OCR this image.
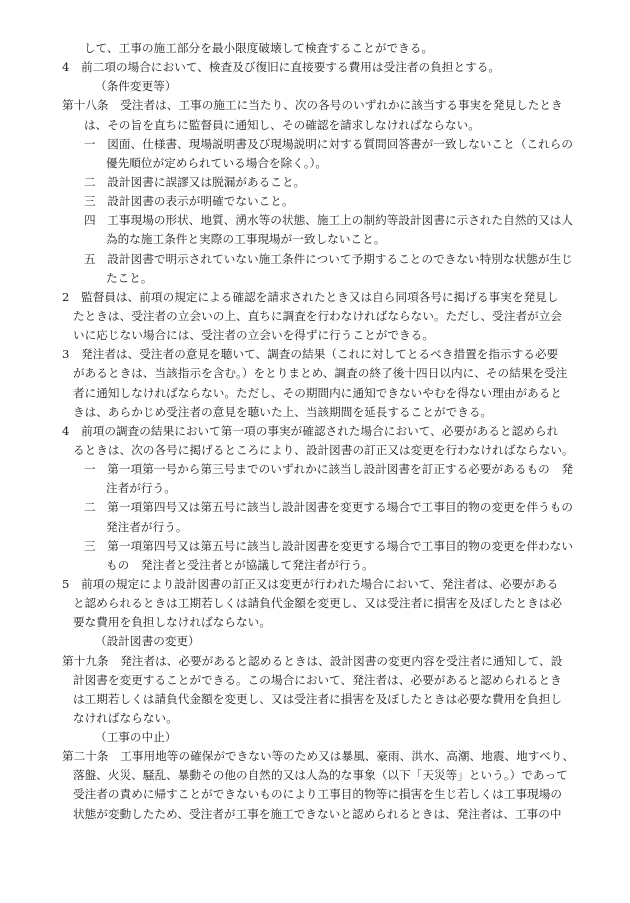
して、工事の施工部分を最小限度破壊して検査することができる。
4　前二項の場合において、検査及び復旧に直接要する費用は受注者の負担とする。
（条件変更等）
第十八条　受注者は、工事の施工に当たり、次の各号のいずれかに該当する事実を発見したとき
は、その旨を直ちに監督員に通知し、その確認を請求しなければならない。
一　図面、仕様書、現場説明書及び現場説明に対する質問回答書が一致しないこと（これらの
優先順位が定められている場合を除く。）。
二　設計図書に誤謬又は脱漏があること。
三　設計図書の表示が明確でないこと。
四　工事現場の形状、地質、湧水等の状態、施工上の制約等設計図書に示された自然的又は人
為的な施工条件と実際の工事現場が一致しないこと。
五　設計図書で明示されていない施工条件について予期することのできない特別な状態が生じ
たこと。
2　監督員は、前項の規定による確認を請求されたとき又は自ら同項各号に掲げる事実を発見し
たときは、受注者の立会いの上、直ちに調査を行わなければならない。ただし、受注者が立会
いに応じない場合には、受注者の立会いを得ずに行うことができる。
3　発注者は、受注者の意見を聴いて、調査の結果（これに対してとるべき措置を指示する必要
があるときは、当該指示を含む。）をとりまとめ、調査の終了後十四日以内に、その結果を受注
者に通知しなければならない。ただし、その期間内に通知できないやむを得ない理由があると
きは、あらかじめ受注者の意見を聴いた上、当該期間を延長することができる。
4　前項の調査の結果において第一項の事実が確認された場合において、必要があると認められ
るときは、次の各号に掲げるところにより、設計図書の訂正又は変更を行わなければならない。
一　第一項第一号から第三号までのいずれかに該当し設計図書を訂正する必要があるもの　発
注者が行う。
二　第一項第四号又は第五号に該当し設計図書を変更する場合で工事目的物の変更を伴うもの
発注者が行う。
三　第一項第四号又は第五号に該当し設計図書を変更する場合で工事目的物の変更を伴わない
もの　発注者と受注者とが協議して発注者が行う。
5　前項の規定により設計図書の訂正又は変更が行われた場合において、発注者は、必要がある
と認められるときは工期若しくは請負代金額を変更し、又は受注者に損害を及ぼしたときは必
要な費用を負担しなければならない。
（設計図書の変更）
第十九条　発注者は、必要があると認めるときは、設計図書の変更内容を受注者に通知して、設
計図書を変更することができる。この場合において、発注者は、必要があると認められるとき
は工期若しくは請負代金額を変更し、又は受注者に損害を及ぼしたときは必要な費用を負担し
なければならない。
（工事の中止）
第二十条　工事用地等の確保ができない等のため又は暴風、豪雨、洪水、高潮、地震、地すべり、
落盤、火災、騒乱、暴動その他の自然的又は人為的な事象（以下「天災等」という。）であって
受注者の責めに帰すことができないものにより工事目的物等に損害を生じ若しくは工事現場の
状態が変動したため、受注者が工事を施工できないと認められるときは、発注者は、工事の中
